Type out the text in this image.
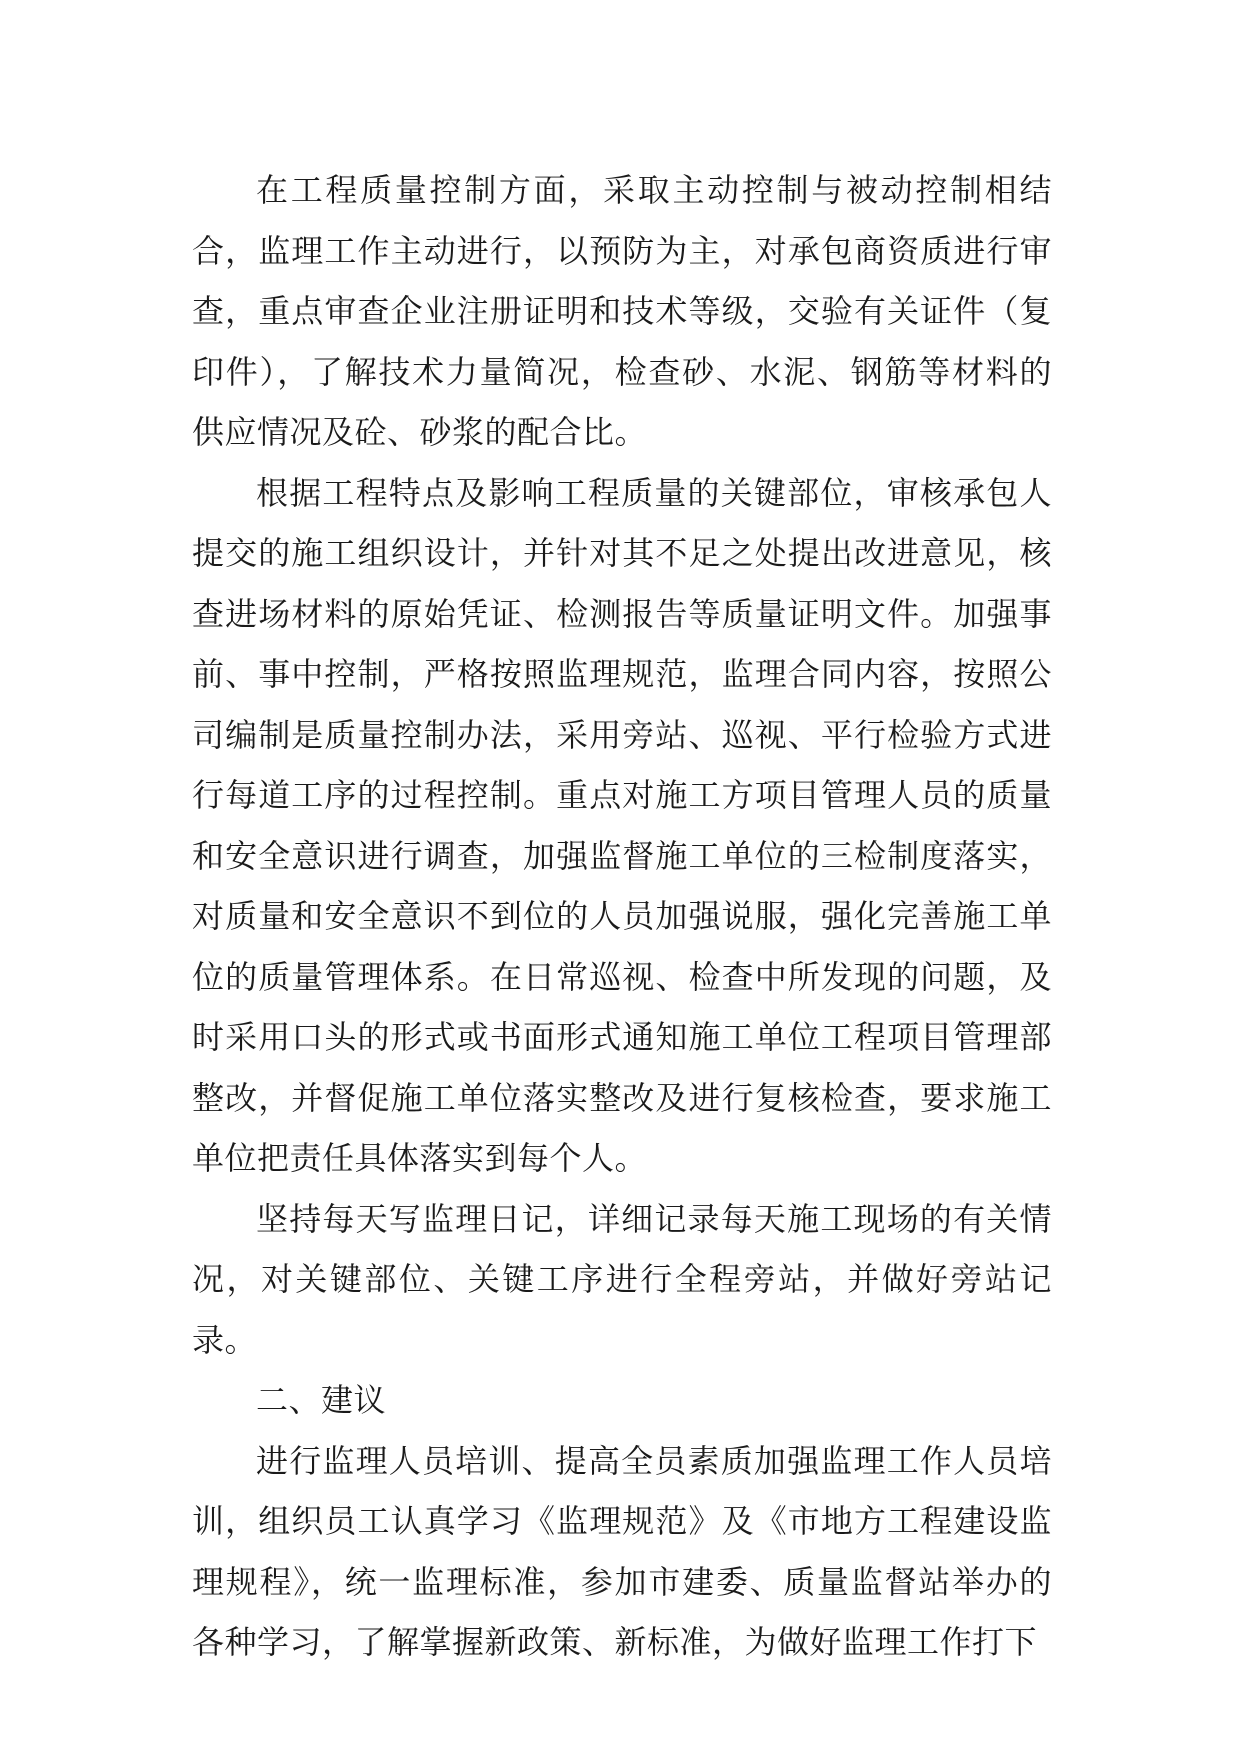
在工程质量控制方面，采取主动控制与被动控制相结合，监理工作主动进行，以预防为主，对承包商资质进行审查，重点审查企业注册证明和技术等级，交验有关证件（复印件），了解技术力量简况，检查砂、水泥、钢筋等材料的供应情况及砼、砂浆的配合比。

根据工程特点及影响工程质量的关键部位，审核承包人提交的施工组织设计，并针对其不足之处提出改进意见，核查进场材料的原始凭证、检测报告等质量证明文件。加强事前、事中控制，严格按照监理规范，监理合同内容，按照公司编制是质量控制办法，采用旁站、巡视、平行检验方式进行每道工序的过程控制。重点对施工方项目管理人员的质量和安全意识进行调查，加强监督施工单位的三检制度落实，对质量和安全意识不到位的人员加强说服，强化完善施工单位的质量管理体系。在日常巡视、检查中所发现的问题，及时采用口头的形式或书面形式通知施工单位工程项目管理部整改，并督促施工单位落实整改及进行复核检查，要求施工单位把责任具体落实到每个人。

坚持每天写监理日记，详细记录每天施工现场的有关情况，对关键部位、关键工序进行全程旁站，并做好旁站记录。

二、建议

进行监理人员培训、提高全员素质加强监理工作人员培训，组织员工认真学习《监理规范》及《市地方工程建设监理规程》，统一监理标准，参加市建委、质量监督站举办的各种学习，了解掌握新政策、新标准，为做好监理工作打下
